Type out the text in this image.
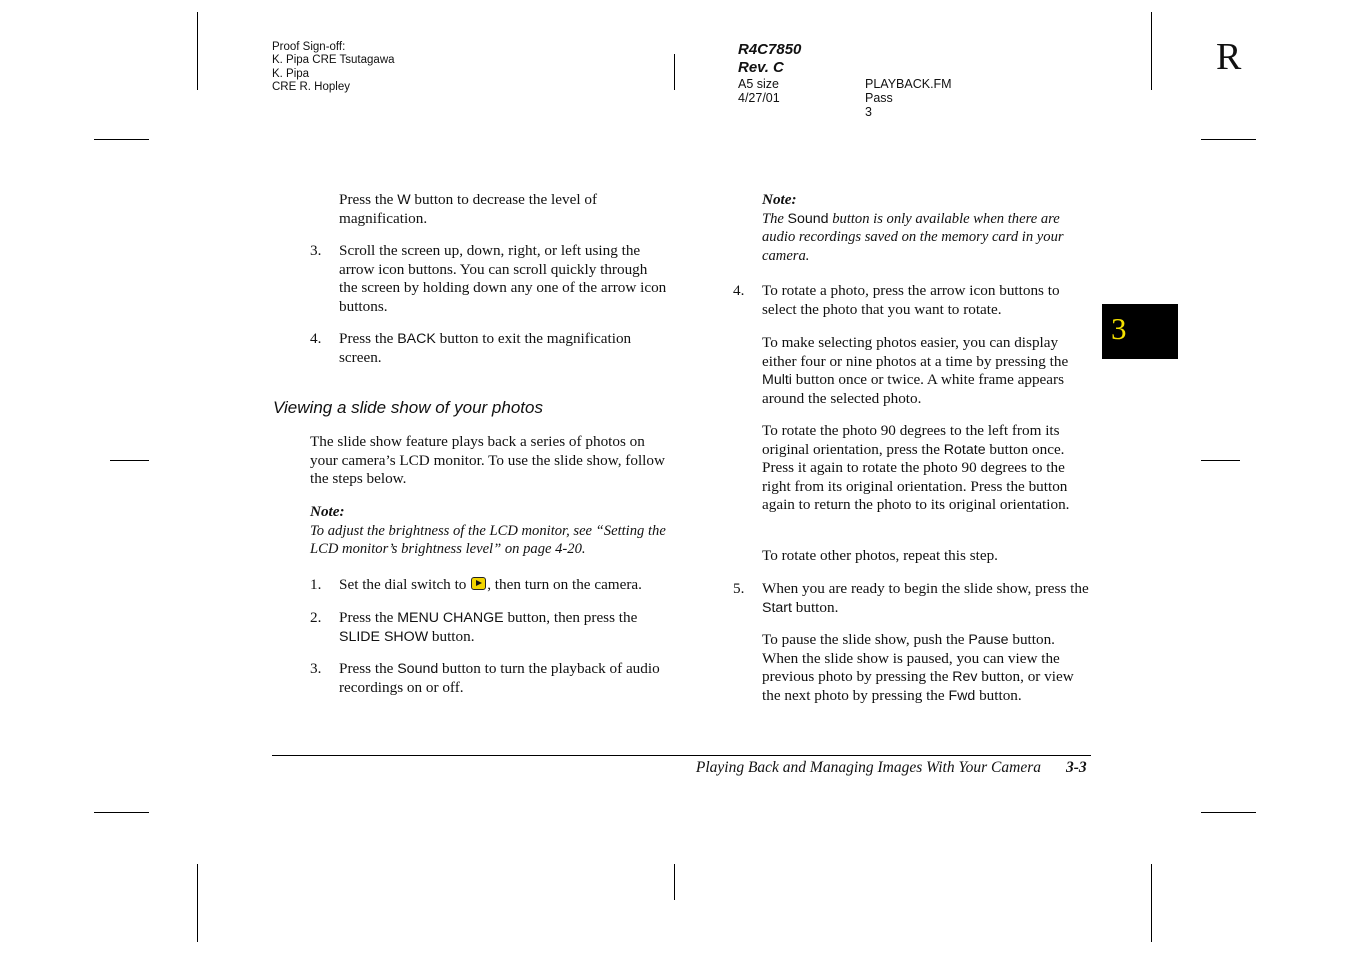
Proof Sign-off:
K. Pipa CRE Tsutagawa
K. Pipa
CRE R. Hopley
R4C7850
Rev. C
A5 size	PLAYBACK.FM
4/27/01	Pass 3
R
Press the W button to decrease the level of magnification.
3. Scroll the screen up, down, right, or left using the arrow icon buttons. You can scroll quickly through the screen by holding down any one of the arrow icon buttons.
4. Press the BACK button to exit the magnification screen.
Viewing a slide show of your photos
The slide show feature plays back a series of photos on your camera’s LCD monitor. To use the slide show, follow the steps below.
Note:
To adjust the brightness of the LCD monitor, see “Setting the LCD monitor’s brightness level” on page 4-20.
1. Set the dial switch to , then turn on the camera.
2. Press the MENU CHANGE button, then press the SLIDE SHOW button.
3. Press the Sound button to turn the playback of audio recordings on or off.
Note:
The Sound button is only available when there are audio recordings saved on the memory card in your camera.
4. To rotate a photo, press the arrow icon buttons to select the photo that you want to rotate.
To make selecting photos easier, you can display either four or nine photos at a time by pressing the Multi button once or twice. A white frame appears around the selected photo.
To rotate the photo 90 degrees to the left from its original orientation, press the Rotate button once. Press it again to rotate the photo 90 degrees to the right from its original orientation. Press the button again to return the photo to its original orientation.
To rotate other photos, repeat this step.
5. When you are ready to begin the slide show, press the Start button.
To pause the slide show, push the Pause button. When the slide show is paused, you can view the previous photo by pressing the Rev button, or view the next photo by pressing the Fwd button.
3
Playing Back and Managing Images With Your Camera 3-3
